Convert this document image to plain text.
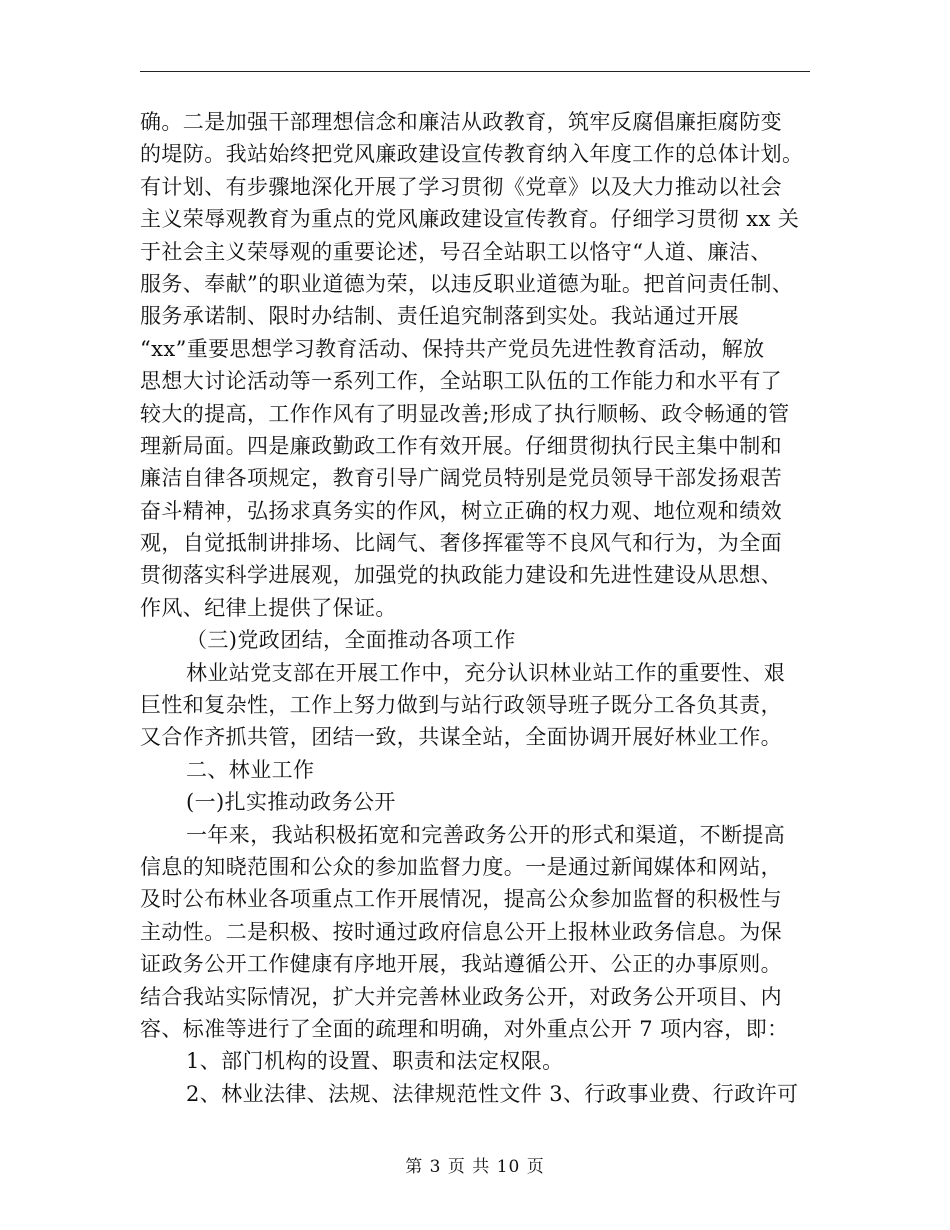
确。二是加强干部理想信念和廉洁从政教育，筑牢反腐倡廉拒腐防变
的堤防。我站始终把党风廉政建设宣传教育纳入年度工作的总体计划。
有计划、有步骤地深化开展了学习贯彻《党章》以及大力推动以社会
主义荣辱观教育为重点的党风廉政建设宣传教育。仔细学习贯彻 xx 关
于社会主义荣辱观的重要论述，号召全站职工以恪守“人道、廉洁、
服务、奉献”的职业道德为荣，以违反职业道德为耻。把首问责任制、
服务承诺制、限时办结制、责任追究制落到实处。我站通过开展
“xx”重要思想学习教育活动、保持共产党员先进性教育活动，解放
思想大讨论活动等一系列工作，全站职工队伍的工作能力和水平有了
较大的提高，工作作风有了明显改善;形成了执行顺畅、政令畅通的管
理新局面。四是廉政勤政工作有效开展。仔细贯彻执行民主集中制和
廉洁自律各项规定，教育引导广阔党员特别是党员领导干部发扬艰苦
奋斗精神，弘扬求真务实的作风，树立正确的权力观、地位观和绩效
观，自觉抵制讲排场、比阔气、奢侈挥霍等不良风气和行为，为全面
贯彻落实科学进展观，加强党的执政能力建设和先进性建设从思想、
作风、纪律上提供了保证。
（三)党政团结，全面推动各项工作
林业站党支部在开展工作中，充分认识林业站工作的重要性、艰
巨性和复杂性，工作上努力做到与站行政领导班子既分工各负其责，
又合作齐抓共管，团结一致，共谋全站，全面协调开展好林业工作。
二、林业工作
(一)扎实推动政务公开
一年来，我站积极拓宽和完善政务公开的形式和渠道，不断提高
信息的知晓范围和公众的参加监督力度。一是通过新闻媒体和网站，
及时公布林业各项重点工作开展情况，提高公众参加监督的积极性与
主动性。二是积极、按时通过政府信息公开上报林业政务信息。为保
证政务公开工作健康有序地开展，我站遵循公开、公正的办事原则。
结合我站实际情况，扩大并完善林业政务公开，对政务公开项目、内
容、标准等进行了全面的疏理和明确，对外重点公开 7 项内容，即：
1、部门机构的设置、职责和法定权限。
2、林业法律、法规、法律规范性文件 3、行政事业费、行政许可
第 3 页 共 10 页
